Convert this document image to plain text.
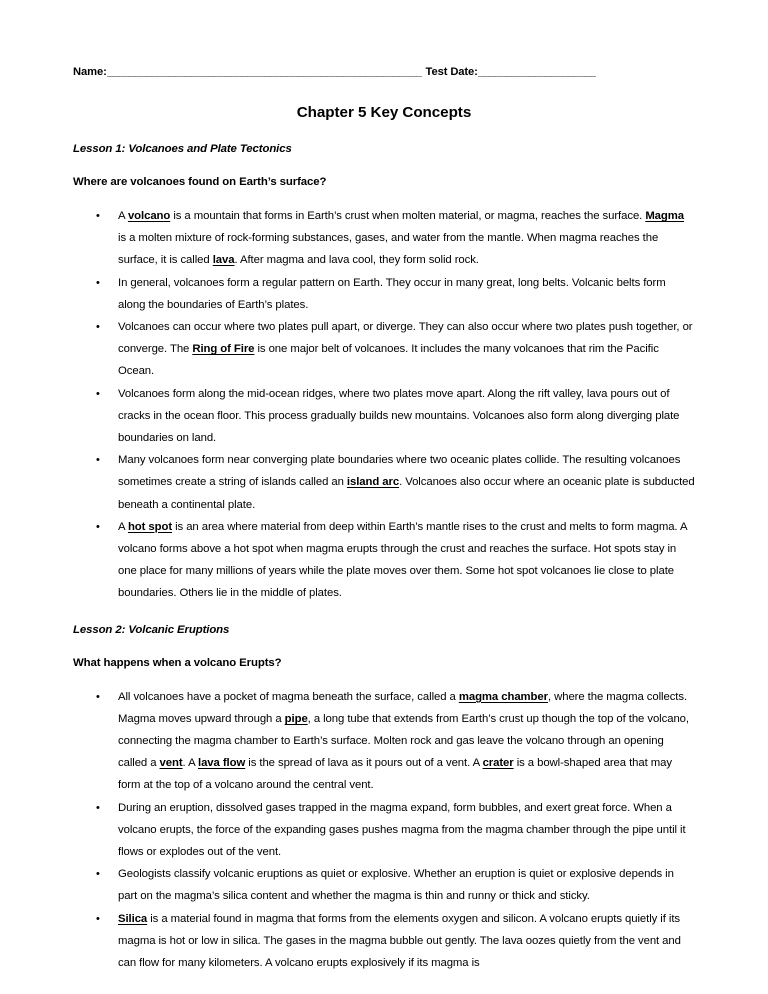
Name: ________________________________________________________ Test Date: _____________________
Chapter 5 Key Concepts
Lesson 1: Volcanoes and Plate Tectonics
Where are volcanoes found on Earth’s surface?
• A volcano is a mountain that forms in Earth’s crust when molten material, or magma, reaches the surface. Magma is a molten mixture of rock-forming substances, gases, and water from the mantle. When magma reaches the surface, it is called lava. After magma and lava cool, they form solid rock.
• In general, volcanoes form a regular pattern on Earth. They occur in many great, long belts. Volcanic belts form along the boundaries of Earth’s plates.
• Volcanoes can occur where two plates pull apart, or diverge. They can also occur where two plates push together, or converge. The Ring of Fire is one major belt of volcanoes. It includes the many volcanoes that rim the Pacific Ocean.
• Volcanoes form along the mid-ocean ridges, where two plates move apart. Along the rift valley, lava pours out of cracks in the ocean floor. This process gradually builds new mountains. Volcanoes also form along diverging plate boundaries on land.
• Many volcanoes form near converging plate boundaries where two oceanic plates collide. The resulting volcanoes sometimes create a string of islands called an island arc. Volcanoes also occur where an oceanic plate is subducted beneath a continental plate.
• A hot spot is an area where material from deep within Earth’s mantle rises to the crust and melts to form magma. A volcano forms above a hot spot when magma erupts through the crust and reaches the surface. Hot spots stay in one place for many millions of years while the plate moves over them. Some hot spot volcanoes lie close to plate boundaries. Others lie in the middle of plates.
Lesson 2: Volcanic Eruptions
What happens when a volcano Erupts?
• All volcanoes have a pocket of magma beneath the surface, called a magma chamber, where the magma collects. Magma moves upward through a pipe, a long tube that extends from Earth’s crust up though the top of the volcano, connecting the magma chamber to Earth’s surface. Molten rock and gas leave the volcano through an opening called a vent. A lava flow is the spread of lava as it pours out of a vent. A crater is a bowl-shaped area that may form at the top of a volcano around the central vent.
• During an eruption, dissolved gases trapped in the magma expand, form bubbles, and exert great force. When a volcano erupts, the force of the expanding gases pushes magma from the magma chamber through the pipe until it flows or explodes out of the vent.
• Geologists classify volcanic eruptions as quiet or explosive. Whether an eruption is quiet or explosive depends in part on the magma’s silica content and whether the magma is thin and runny or thick and sticky.
• Silica is a material found in magma that forms from the elements oxygen and silicon. A volcano erupts quietly if its magma is hot or low in silica. The gases in the magma bubble out gently. The lava oozes quietly from the vent and can flow for many kilometers. A volcano erupts explosively if its magma is
